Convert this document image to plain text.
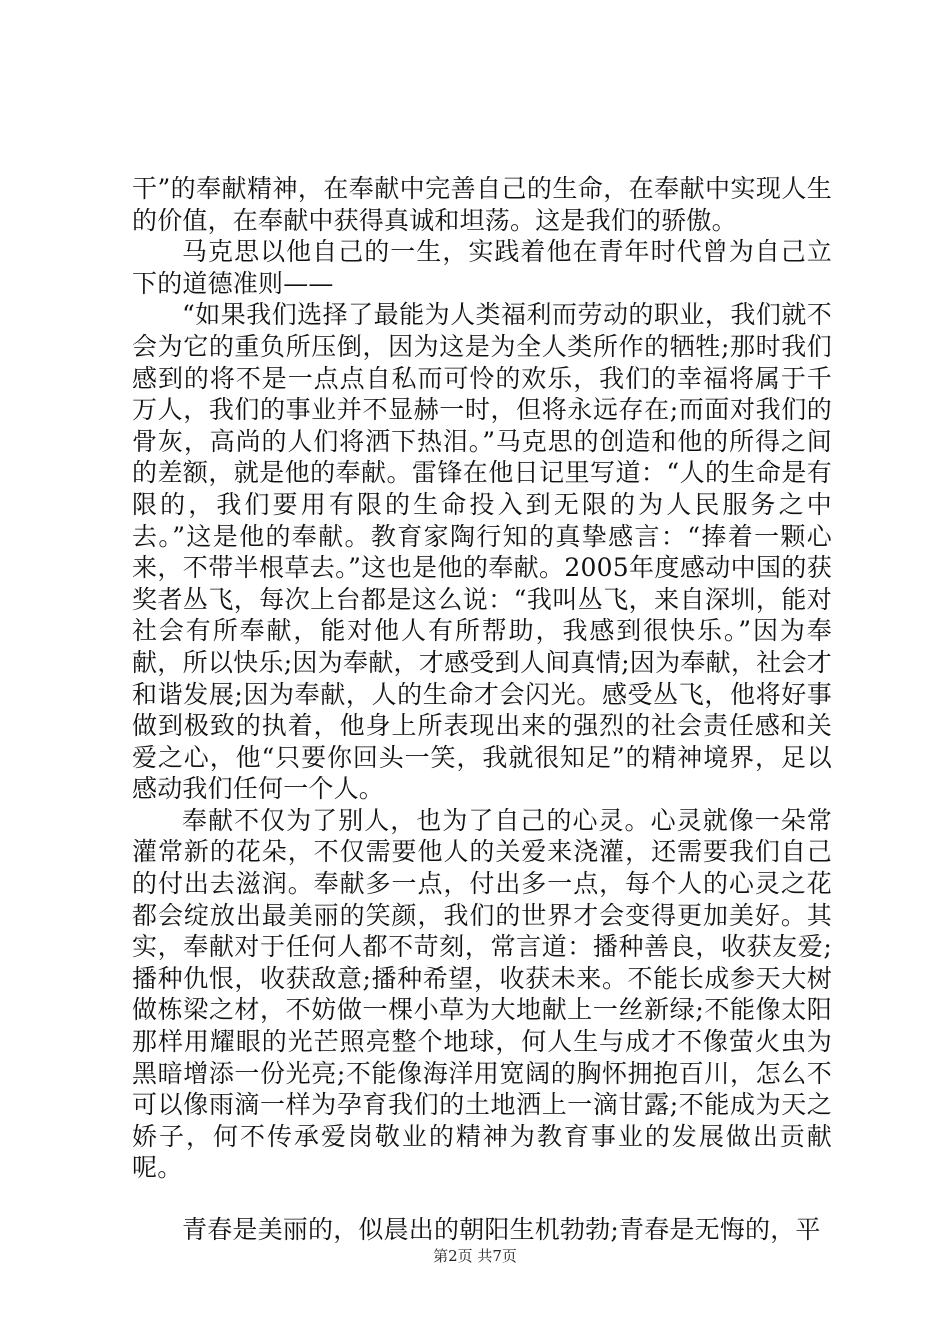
干”的奉献精神，在奉献中完善自己的生命，在奉献中实现人生的价值，在奉献中获得真诚和坦荡。这是我们的骄傲。

马克思以他自己的一生，实践着他在青年时代曾为自己立下的道德准则——

“如果我们选择了最能为人类福利而劳动的职业，我们就不会为它的重负所压倒，因为这是为全人类所作的牺牲;那时我们感到的将不是一点点自私而可怜的欢乐，我们的幸福将属于千万人，我们的事业并不显赫一时，但将永远存在;而面对我们的骨灰，高尚的人们将洒下热泪。”马克思的创造和他的所得之间的差额，就是他的奉献。雷锋在他日记里写道：“人的生命是有限的，我们要用有限的生命投入到无限的为人民服务之中去。”这是他的奉献。教育家陶行知的真挚感言：“捧着一颗心来，不带半根草去。”这也是他的奉献。2005年度感动中国的获奖者丛飞，每次上台都是这么说：“我叫丛飞，来自深圳，能对社会有所奉献，能对他人有所帮助，我感到很快乐。”因为奉献，所以快乐;因为奉献，才感受到人间真情;因为奉献，社会才和谐发展;因为奉献，人的生命才会闪光。感受丛飞，他将好事做到极致的执着，他身上所表现出来的强烈的社会责任感和关爱之心，他“只要你回头一笑，我就很知足”的精神境界，足以感动我们任何一个人。

奉献不仅为了别人，也为了自己的心灵。心灵就像一朵常灌常新的花朵，不仅需要他人的关爱来浇灌，还需要我们自己的付出去滋润。奉献多一点，付出多一点，每个人的心灵之花都会绽放出最美丽的笑颜，我们的世界才会变得更加美好。其实，奉献对于任何人都不苛刻，常言道：播种善良，收获友爱;播种仇恨，收获敌意;播种希望，收获未来。不能长成参天大树做栋梁之材，不妨做一棵小草为大地献上一丝新绿;不能像太阳那样用耀眼的光芒照亮整个地球，何人生与成才不像萤火虫为黑暗增添一份光亮;不能像海洋用宽阔的胸怀拥抱百川，怎么不可以像雨滴一样为孕育我们的土地洒上一滴甘露;不能成为天之娇子，何不传承爱岗敬业的精神为教育事业的发展做出贡献呢。

青春是美丽的，似晨出的朝阳生机勃勃;青春是无悔的，平

第2页 共7页
